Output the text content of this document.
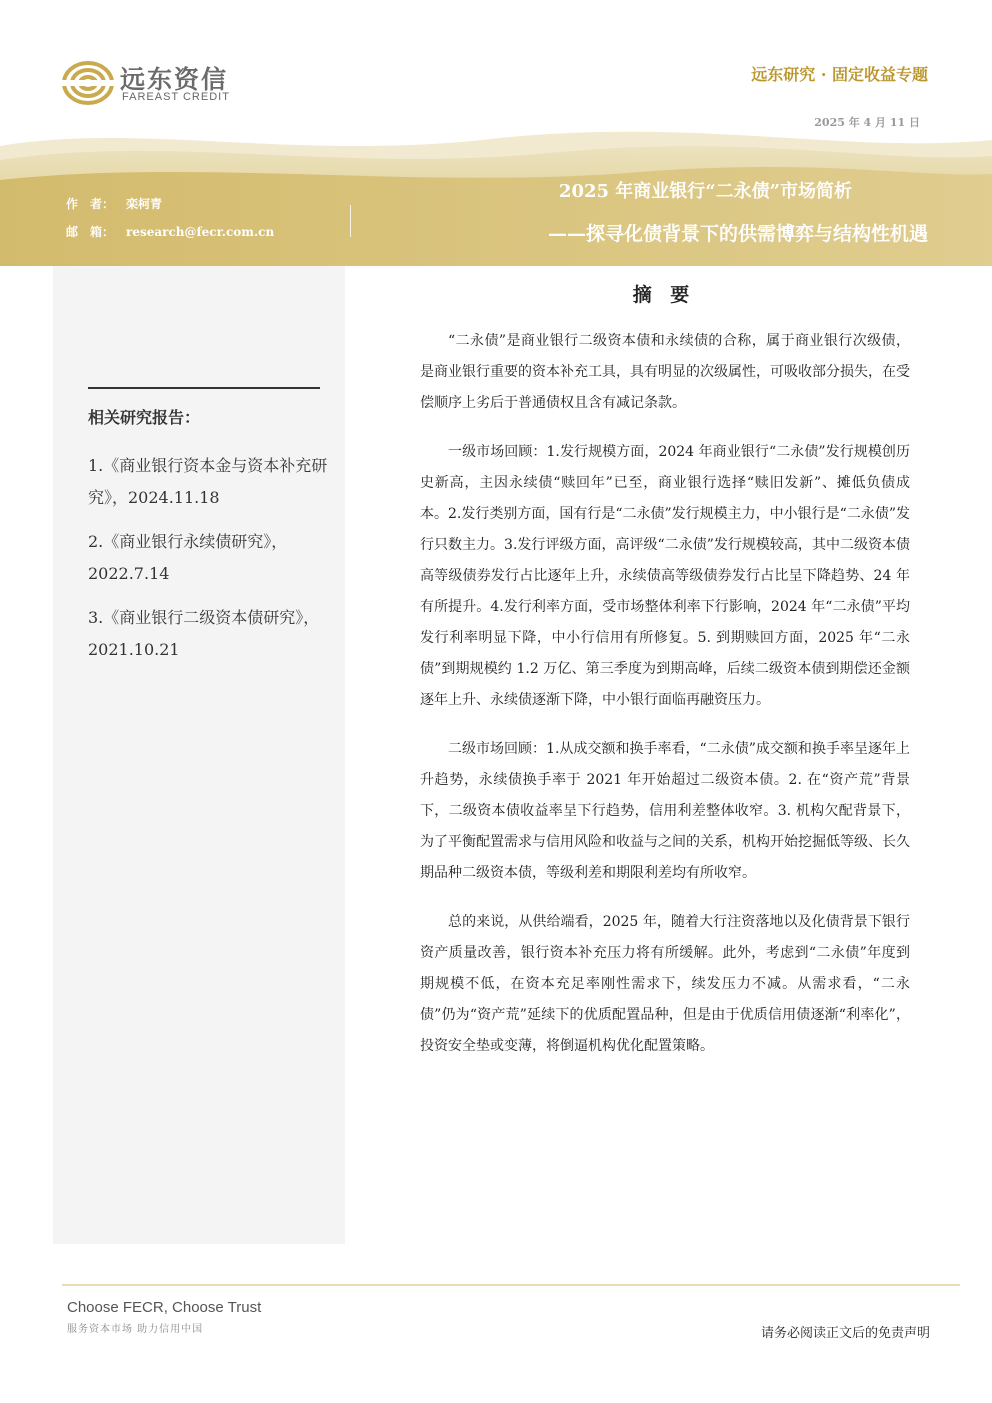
远东资信
FAREAST CREDIT
远东研究 · 固定收益专题
2025 年 4 月 11 日
作　者： 栾柯青
邮　箱： research@fecr.com.cn
2025 年商业银行“二永债”市场简析
——探寻化债背景下的供需博弈与结构性机遇
相关研究报告：
1.《商业银行资本金与资本补充研究》，2024.11.18
2.《商业银行永续债研究》，2022.7.14
3.《商业银行二级资本债研究》，2021.10.21
摘 要

“二永债”是商业银行二级资本债和永续债的合称，属于商业银行次级债，是商业银行重要的资本补充工具，具有明显的次级属性，可吸收部分损失，在受偿顺序上劣后于普通债权且含有减记条款。

一级市场回顾：1.发行规模方面，2024 年商业银行“二永债”发行规模创历史新高，主因永续债“赎回年”已至，商业银行选择“赎旧发新”、摊低负债成本。2.发行类别方面，国有行是“二永债”发行规模主力，中小银行是“二永债”发行只数主力。3.发行评级方面，高评级“二永债”发行规模较高，其中二级资本债高等级债券发行占比逐年上升，永续债高等级债券发行占比呈下降趋势、24 年有所提升。4.发行利率方面，受市场整体利率下行影响，2024 年“二永债”平均发行利率明显下降，中小行信用有所修复。5. 到期赎回方面，2025 年“二永债”到期规模约 1.2 万亿、第三季度为到期高峰，后续二级资本债到期偿还金额逐年上升、永续债逐渐下降，中小银行面临再融资压力。

二级市场回顾：1.从成交额和换手率看，“二永债”成交额和换手率呈逐年上升趋势，永续债换手率于 2021 年开始超过二级资本债。2. 在“资产荒”背景下，二级资本债收益率呈下行趋势，信用利差整体收窄。3. 机构欠配背景下，为了平衡配置需求与信用风险和收益与之间的关系，机构开始挖掘低等级、长久期品种二级资本债，等级利差和期限利差均有所收窄。

总的来说，从供给端看，2025 年，随着大行注资落地以及化债背景下银行资产质量改善，银行资本补充压力将有所缓解。此外，考虑到“二永债”年度到期规模不低，在资本充足率刚性需求下，续发压力不减。从需求看，“二永债”仍为“资产荒”延续下的优质配置品种，但是由于优质信用债逐渐“利率化”，投资安全垫或变薄，将倒逼机构优化配置策略。

Choose FECR, Choose Trust
服务资本市场 助力信用中国	请务必阅读正文后的免责声明
